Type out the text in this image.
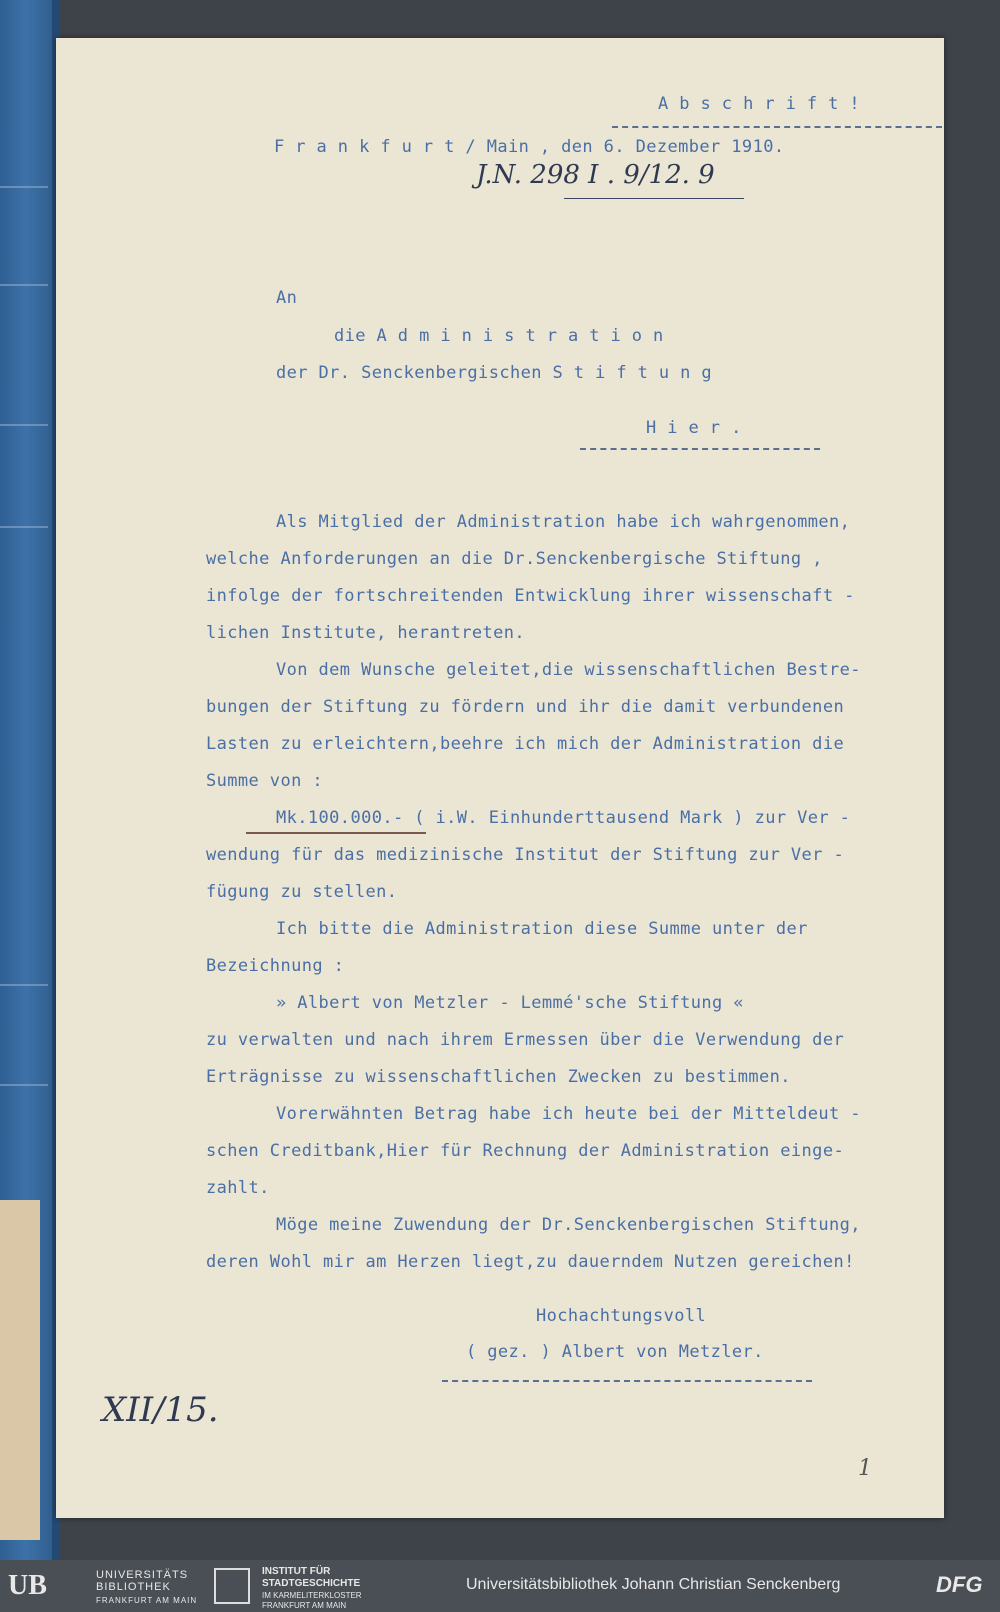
A b s c h r i f t !
F r a n k f u r t / Main , den 6. Dezember 1910.
J.N. 298 I . 9/12. 9
An
die A d m i n i s t r a t i o n
der Dr. Senckenbergischen S t i f t u n g
H i e r .
Als Mitglied der Administration habe ich wahrgenommen,
welche Anforderungen an die Dr.Senckenbergische Stiftung ,
infolge der fortschreitenden Entwicklung ihrer wissenschaft -
lichen Institute, herantreten.
Von dem Wunsche geleitet,die wissenschaftlichen Bestre-
bungen der Stiftung zu fördern und ihr die damit verbundenen
Lasten zu erleichtern,beehre ich mich der Administration die
Summe von :
Mk.100.000.- ( i.W. Einhunderttausend Mark ) zur Ver -
wendung für das medizinische Institut der Stiftung zur Ver -
fügung zu stellen.
Ich bitte die Administration diese Summe unter der
Bezeichnung :
» Albert von Metzler - Lemmé'sche Stiftung «
zu verwalten und nach ihrem Ermessen über die Verwendung der
Erträgnisse zu wissenschaftlichen Zwecken zu bestimmen.
Vorerwähnten Betrag habe ich heute bei der Mitteldeut -
schen Creditbank,Hier für Rechnung der Administration einge-
zahlt.
Möge meine Zuwendung der Dr.Senckenbergischen Stiftung,
deren Wohl mir am Herzen liegt,zu dauerndem Nutzen gereichen!
Hochachtungsvoll
( gez. ) Albert von Metzler.
XII/15.
1
UB	UNIVERSITÄTS
BIBLIOTHEK
FRANKFURT AM MAIN
INSTITUT FÜR
STADTGESCHICHTE
IM KARMELITERKLOSTER
FRANKFURT AM MAIN
Universitätsbibliothek Johann Christian Senckenberg	DFG
